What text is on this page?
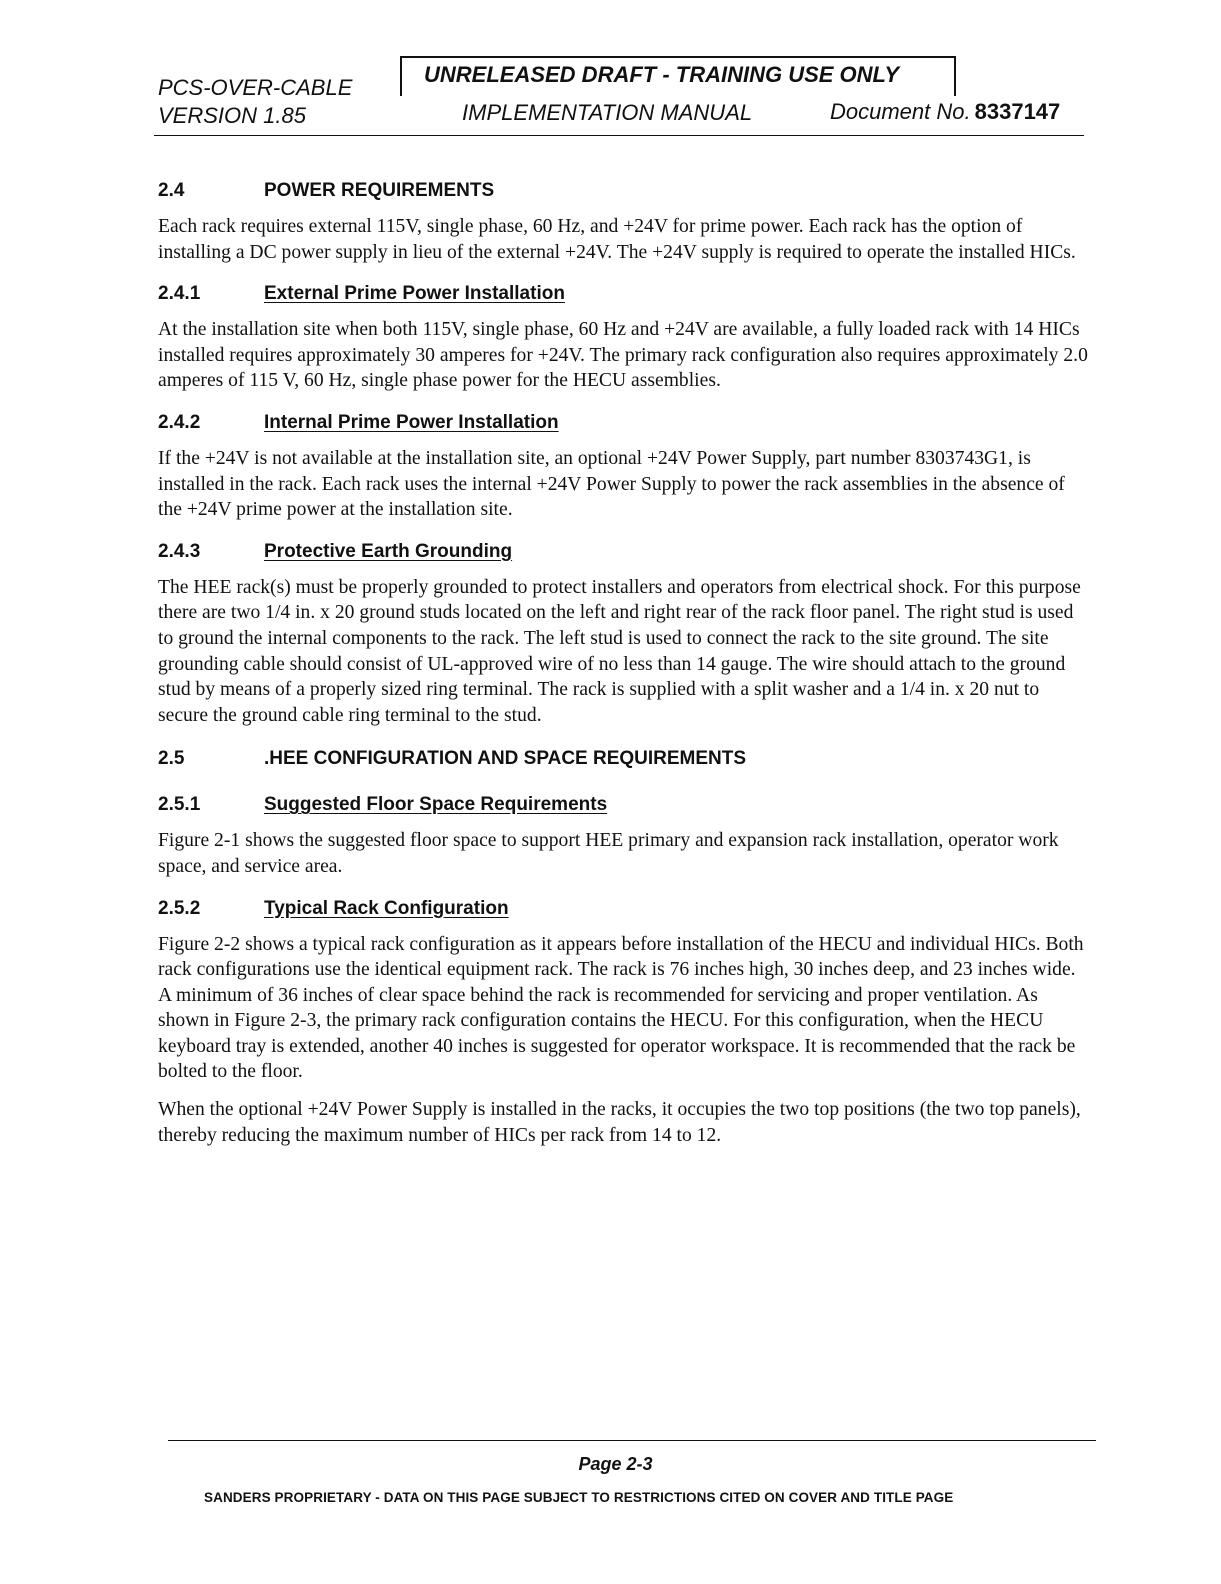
PCS-OVER-CABLE
VERSION 1.85
UNRELEASED DRAFT - TRAINING USE ONLY
IMPLEMENTATION MANUAL	Document No. 8337147
2.4	POWER REQUIREMENTS

Each rack requires external 115V, single phase, 60 Hz, and +24V for prime power. Each rack has the option of installing a DC power supply in lieu of the external +24V. The +24V supply is required to operate the installed HICs.

2.4.1	External Prime Power Installation

At the installation site when both 115V, single phase, 60 Hz and +24V are available, a fully loaded rack with 14 HICs installed requires approximately 30 amperes for +24V. The primary rack configuration also requires approximately 2.0 amperes of 115 V, 60 Hz, single phase power for the HECU assemblies.

2.4.2	Internal Prime Power Installation

If the +24V is not available at the installation site, an optional +24V Power Supply, part number 8303743G1, is installed in the rack. Each rack uses the internal +24V Power Supply to power the rack assemblies in the absence of the +24V prime power at the installation site.

2.4.3	Protective Earth Grounding

The HEE rack(s) must be properly grounded to protect installers and operators from electrical shock. For this purpose there are two 1/4 in. x 20 ground studs located on the left and right rear of the rack floor panel. The right stud is used to ground the internal components to the rack. The left stud is used to connect the rack to the site ground. The site grounding cable should consist of UL-approved wire of no less than 14 gauge. The wire should attach to the ground stud by means of a properly sized ring terminal. The rack is supplied with a split washer and a 1/4 in. x 20 nut to secure the ground cable ring terminal to the stud.

2.5	.HEE CONFIGURATION AND SPACE REQUIREMENTS
2.5.1	Suggested Floor Space Requirements

Figure 2-1 shows the suggested floor space to support HEE primary and expansion rack installation, operator work space, and service area.

2.5.2	Typical Rack Configuration

Figure 2-2 shows a typical rack configuration as it appears before installation of the HECU and individual HICs. Both rack configurations use the identical equipment rack. The rack is 76 inches high, 30 inches deep, and 23 inches wide. A minimum of 36 inches of clear space behind the rack is recommended for servicing and proper ventilation. As shown in Figure 2-3, the primary rack configuration contains the HECU. For this configuration, when the HECU keyboard tray is extended, another 40 inches is suggested for operator workspace. It is recommended that the rack be bolted to the floor.

When the optional +24V Power Supply is installed in the racks, it occupies the two top positions (the two top panels), thereby reducing the maximum number of HICs per rack from 14 to 12.

Page 2-3
SANDERS PROPRIETARY - DATA ON THIS PAGE SUBJECT TO RESTRICTIONS CITED ON COVER AND TITLE PAGE
